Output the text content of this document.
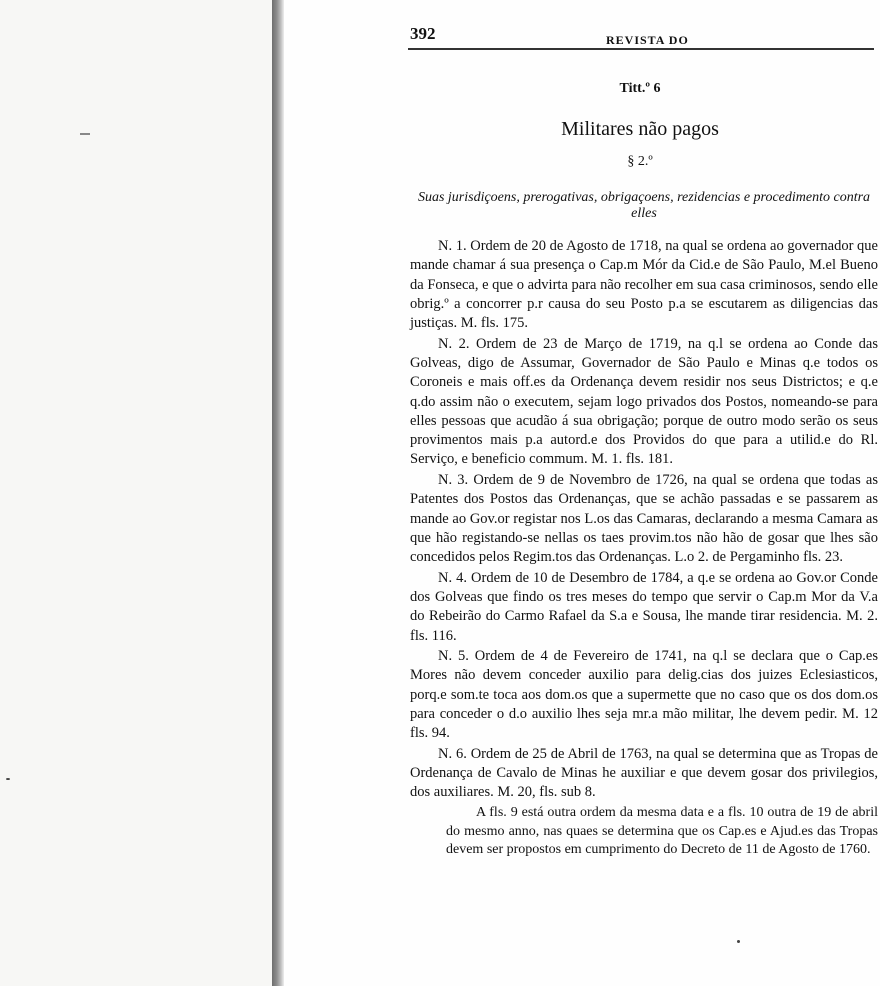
392	REVISTA DO
Titt.º 6
Militares não pagos
§ 2.º
Suas jurisdiçoens, prerogativas, obrigaçoens, rezidencias e procedimento contra elles

N. 1. Ordem de 20 de Agosto de 1718, na qual se ordena ao governador que mande chamar á sua presença o Cap.m Mór da Cid.e de São Paulo, M.el Bueno da Fonseca, e que o advirta para não recolher em sua casa criminosos, sendo elle obrig.º a concorrer p.r causa do seu Posto p.a se escutarem as diligencias das justiças. M. fls. 175.

N. 2. Ordem de 23 de Março de 1719, na q.l se ordena ao Conde das Golveas, digo de Assumar, Governador de São Paulo e Minas q.e todos os Coroneis e mais off.es da Ordenança devem residir nos seus Districtos; e q.e q.do assim não o executem, sejam logo privados dos Postos, nomeando-se para elles pessoas que acudão á sua obrigação; porque de outro modo serão os seus provimentos mais p.a autord.e dos Providos do que para a utilid.e do Rl. Serviço, e beneficio commum. M. 1. fls. 181.

N. 3. Ordem de 9 de Novembro de 1726, na qual se ordena que todas as Patentes dos Postos das Ordenanças, que se achão passadas e se passarem as mande ao Gov.or registar nos L.os das Camaras, declarando a mesma Camara as que hão registando-se nellas os taes provim.tos não hão de gosar que lhes são concedidos pelos Regim.tos das Ordenanças. L.o 2. de Pergaminho fls. 23.

N. 4. Ordem de 10 de Desembro de 1784, a q.e se ordena ao Gov.or Conde dos Golveas que findo os tres meses do tempo que servir o Cap.m Mor da V.a do Rebeirão do Carmo Rafael da S.a e Sousa, lhe mande tirar residencia. M. 2. fls. 116.

N. 5. Ordem de 4 de Fevereiro de 1741, na q.l se declara que o Cap.es Mores não devem conceder auxilio para delig.cias dos juizes Eclesiasticos, porq.e som.te toca aos dom.os que a supermette que no caso que os dos dom.os para conceder o d.o auxilio lhes seja mr.a mão militar, lhe devem pedir. M. 12 fls. 94.

N. 6. Ordem de 25 de Abril de 1763, na qual se determina que as Tropas de Ordenança de Cavalo de Minas he auxiliar e que devem gosar dos privilegios, dos auxiliares. M. 20, fls. sub 8.

A fls. 9 está outra ordem da mesma data e a fls. 10 outra de 19 de abril do mesmo anno, nas quaes se determina que os Cap.es e Ajud.es das Tropas devem ser propostos em cumprimento do Decreto de 11 de Agosto de 1760.
